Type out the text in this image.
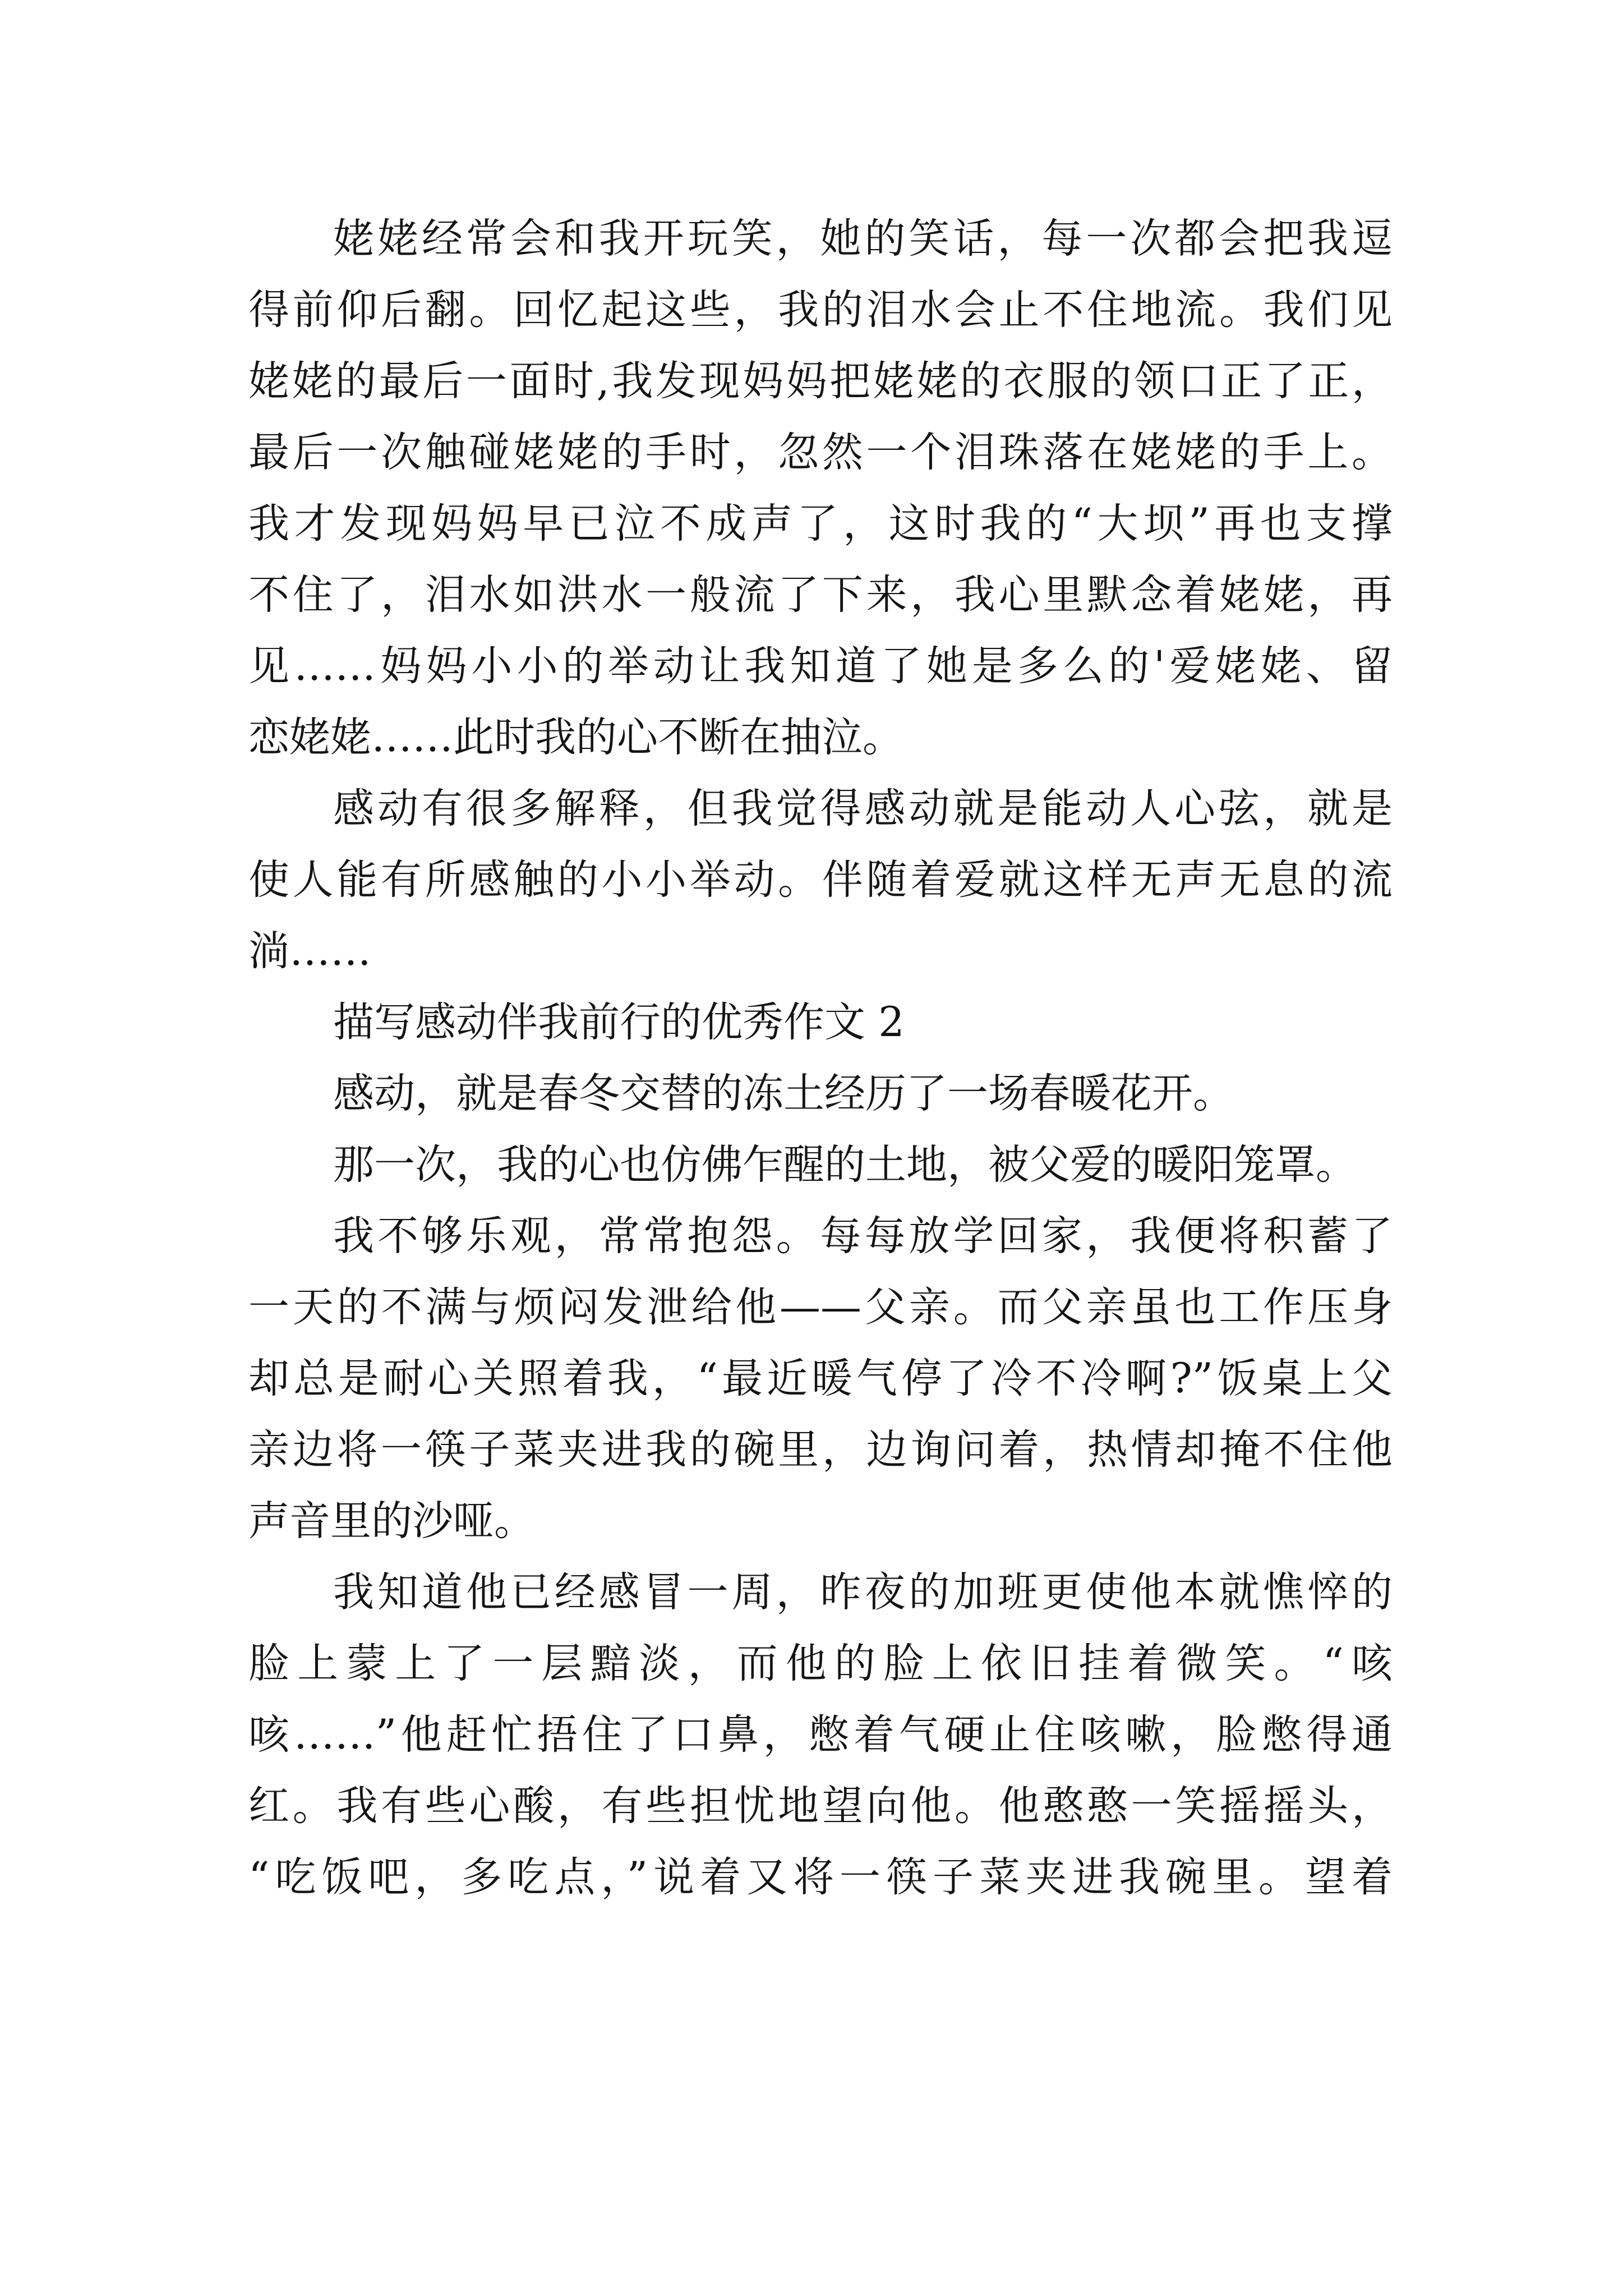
姥姥经常会和我开玩笑，她的笑话，每一次都会把我逗

得前仰后翻。回忆起这些，我的泪水会止不住地流。我们见

姥姥的最后一面时,我发现妈妈把姥姥的衣服的领口正了正，

最后一次触碰姥姥的手时，忽然一个泪珠落在姥姥的手上。

我才发现妈妈早已泣不成声了，这时我的“大坝”再也支撑

不住了，泪水如洪水一般流了下来，我心里默念着姥姥，再

见……妈妈小小的举动让我知道了她是多么的'爱姥姥、留

恋姥姥……此时我的心不断在抽泣。

感动有很多解释，但我觉得感动就是能动人心弦，就是

使人能有所感触的小小举动。伴随着爱就这样无声无息的流

淌……

描写感动伴我前行的优秀作文 2

感动，就是春冬交替的冻土经历了一场春暖花开。

那一次，我的心也仿佛乍醒的土地，被父爱的暖阳笼罩。

我不够乐观，常常抱怨。每每放学回家，我便将积蓄了

一天的不满与烦闷发泄给他——父亲。而父亲虽也工作压身

却总是耐心关照着我，“最近暖气停了冷不冷啊?”饭桌上父

亲边将一筷子菜夹进我的碗里，边询问着，热情却掩不住他

声音里的沙哑。

我知道他已经感冒一周，昨夜的加班更使他本就憔悴的

脸上蒙上了一层黯淡，而他的脸上依旧挂着微笑。“咳

咳……”他赶忙捂住了口鼻，憋着气硬止住咳嗽，脸憋得通

红。我有些心酸，有些担忧地望向他。他憨憨一笑摇摇头，

“吃饭吧，多吃点，”说着又将一筷子菜夹进我碗里。望着
